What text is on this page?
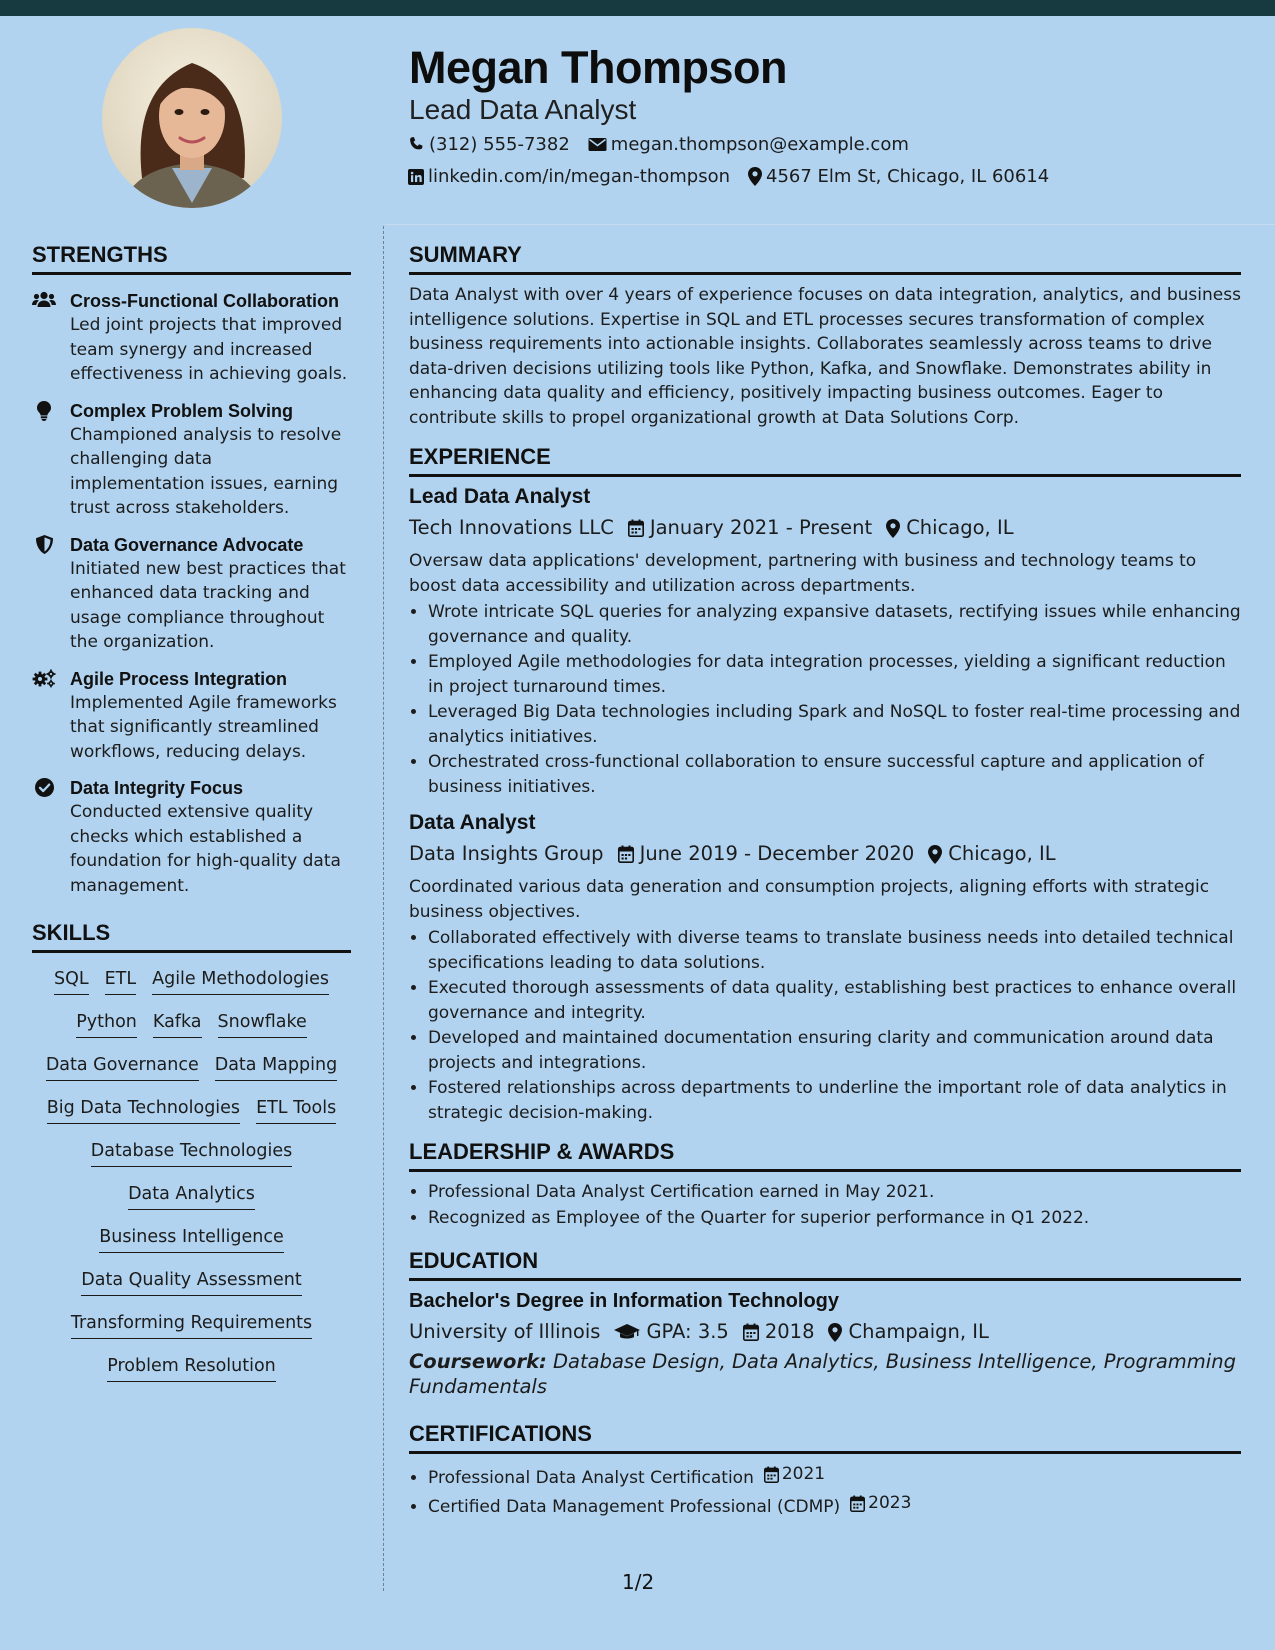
Megan Thompson
Lead Data Analyst
(312) 555-7382 megan.thompson@example.com
linkedin.com/in/megan-thompson 4567 Elm St, Chicago, IL 60614
STRENGTHS
Cross-Functional Collaboration
Led joint projects that improved team synergy and increased effectiveness in achieving goals.
Complex Problem Solving
Championed analysis to resolve challenging data implementation issues, earning trust across stakeholders.
Data Governance Advocate
Initiated new best practices that enhanced data tracking and usage compliance throughout the organization.
Agile Process Integration
Implemented Agile frameworks that significantly streamlined workflows, reducing delays.
Data Integrity Focus
Conducted extensive quality checks which established a foundation for high-quality data management.
SKILLS
SQL ETL Agile Methodologies
Python Kafka Snowflake
Data Governance Data Mapping
Big Data Technologies ETL Tools
Database Technologies
Data Analytics
Business Intelligence
Data Quality Assessment
Transforming Requirements
Problem Resolution
SUMMARY

Data Analyst with over 4 years of experience focuses on data integration, analytics, and business intelligence solutions. Expertise in SQL and ETL processes secures transformation of complex business requirements into actionable insights. Collaborates seamlessly across teams to drive data-driven decisions utilizing tools like Python, Kafka, and Snowflake. Demonstrates ability in enhancing data quality and efficiency, positively impacting business outcomes. Eager to contribute skills to propel organizational growth at Data Solutions Corp.

EXPERIENCE
Lead Data Analyst
Tech Innovations LLC January 2021 - Present Chicago, IL

Oversaw data applications' development, partnering with business and technology teams to boost data accessibility and utilization across departments.

• Wrote intricate SQL queries for analyzing expansive datasets, rectifying issues while enhancing governance and quality.
• Employed Agile methodologies for data integration processes, yielding a significant reduction in project turnaround times.
• Leveraged Big Data technologies including Spark and NoSQL to foster real-time processing and analytics initiatives.
• Orchestrated cross-functional collaboration to ensure successful capture and application of business initiatives.
Data Analyst
Data Insights Group June 2019 - December 2020 Chicago, IL

Coordinated various data generation and consumption projects, aligning efforts with strategic business objectives.

• Collaborated effectively with diverse teams to translate business needs into detailed technical specifications leading to data solutions.
• Executed thorough assessments of data quality, establishing best practices to enhance overall governance and integrity.
• Developed and maintained documentation ensuring clarity and communication around data projects and integrations.
• Fostered relationships across departments to underline the important role of data analytics in strategic decision-making.
LEADERSHIP & AWARDS
• Professional Data Analyst Certification earned in May 2021.
• Recognized as Employee of the Quarter for superior performance in Q1 2022.
EDUCATION
Bachelor's Degree in Information Technology
University of Illinois GPA: 3.5 2018 Champaign, IL
Coursework: Database Design, Data Analytics, Business Intelligence, Programming Fundamentals
CERTIFICATIONS
• Professional Data Analyst Certification 2021
• Certified Data Management Professional (CDMP) 2023
1/2
